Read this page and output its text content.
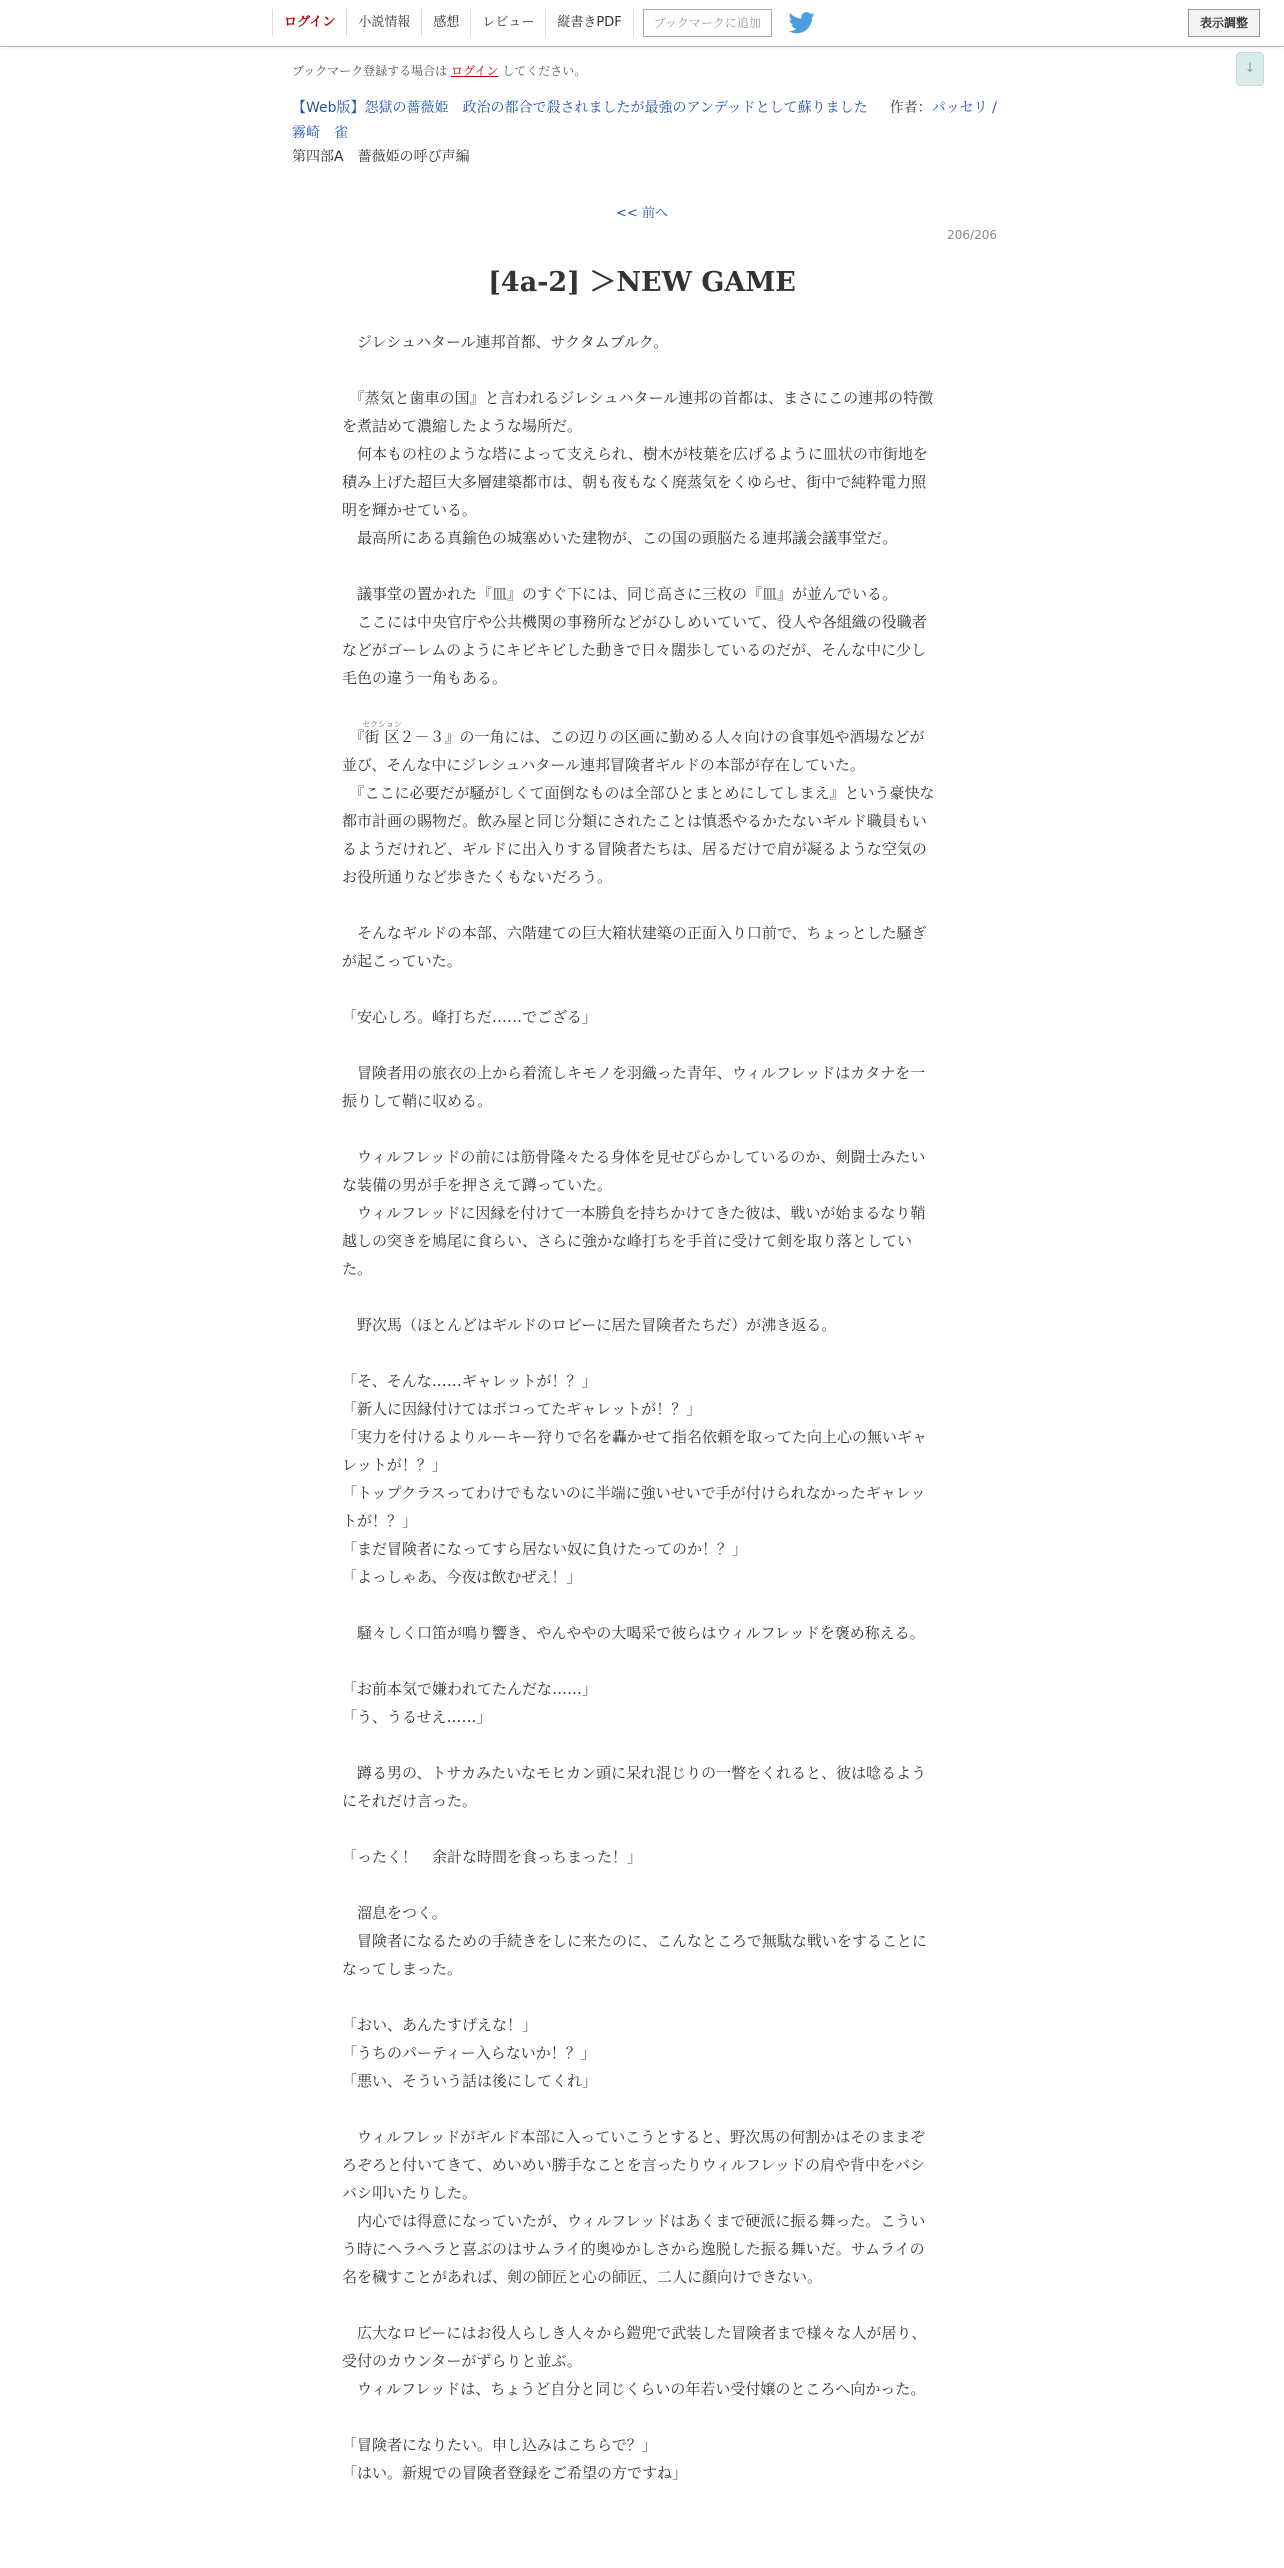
ログイン	小説情報	感想	レビュー	縦書きPDF	ブックマークに追加	表示調整
↓
ブックマーク登録する場合は ログイン してください。
【Web版】怨獄の薔薇姫　政治の都合で殺されましたが最強のアンデッドとして蘇りました 作者：パッセリ / 霧崎　雀
第四部A　薔薇姫の呼び声編
<< 前へ
206/206
[4a-2] ＞NEW GAME

　ジレシュハタール連邦首都、サクタムブルク。

　『蒸気と歯車の国』と言われるジレシュハタール連邦の首都は、まさにこの連邦の特徴を煮詰めて濃縮したような場所だ。

　何本もの柱のような塔によって支えられ、樹木が枝葉を広げるように皿状の市街地を積み上げた超巨大多層建築都市は、朝も夜もなく廃蒸気をくゆらせ、街中で純粋電力照明を輝かせている。

　最高所にある真鍮色の城塞めいた建物が、この国の頭脳たる連邦議会議事堂だ。

　議事堂の置かれた『皿』のすぐ下には、同じ高さに三枚の『皿』が並んでいる。

　ここには中央官庁や公共機関の事務所などがひしめいていて、役人や各組織の役職者などがゴーレムのようにキビキビした動きで日々闊歩しているのだが、そんな中に少し毛色の違う一角もある。

　『街区セクション２－３』の一角には、この辺りの区画に勤める人々向けの食事処や酒場などが並び、そんな中にジレシュハタール連邦冒険者ギルドの本部が存在していた。

　『ここに必要だが騒がしくて面倒なものは全部ひとまとめにしてしまえ』という豪快な都市計画の賜物だ。飲み屋と同じ分類にされたことは慎悉やるかたないギルド職員もいるようだけれど、ギルドに出入りする冒険者たちは、居るだけで肩が凝るような空気のお役所通りなど歩きたくもないだろう。

　そんなギルドの本部、六階建ての巨大箱状建築の正面入り口前で、ちょっとした騒ぎが起こっていた。

「安心しろ。峰打ちだ……でござる」

　冒険者用の旅衣の上から着流しキモノを羽織った青年、ウィルフレッドはカタナを一振りして鞘に収める。

　ウィルフレッドの前には筋骨隆々たる身体を見せびらかしているのか、剣闘士みたいな装備の男が手を押さえて蹲っていた。

　ウィルフレッドに因縁を付けて一本勝負を持ちかけてきた彼は、戦いが始まるなり鞘越しの突きを鳩尾に食らい、さらに強かな峰打ちを手首に受けて剣を取り落としていた。

　野次馬（ほとんどはギルドのロビーに居た冒険者たちだ）が沸き返る。

「そ、そんな……ギャレットが！？」

「新人に因縁付けてはボコってたギャレットが！？」

「実力を付けるよりルーキー狩りで名を轟かせて指名依頼を取ってた向上心の無いギャレットが！？」

「トップクラスってわけでもないのに半端に強いせいで手が付けられなかったギャレットが！？」

「まだ冒険者になってすら居ない奴に負けたってのか！？」

「よっしゃあ、今夜は飲むぜえ！」

　騒々しく口笛が鳴り響き、やんややの大喝采で彼らはウィルフレッドを褒め称える。

「お前本気で嫌われてたんだな……」

「う、うるせえ……」

　蹲る男の、トサカみたいなモヒカン頭に呆れ混じりの一瞥をくれると、彼は唸るようにそれだけ言った。

「ったく！　余計な時間を食っちまった！」

　溜息をつく。

　冒険者になるための手続きをしに来たのに、こんなところで無駄な戦いをすることになってしまった。

「おい、あんたすげえな！」

「うちのパーティー入らないか！？」

「悪い、そういう話は後にしてくれ」

　ウィルフレッドがギルド本部に入っていこうとすると、野次馬の何割かはそのままぞろぞろと付いてきて、めいめい勝手なことを言ったりウィルフレッドの肩や背中をバシバシ叩いたりした。

　内心では得意になっていたが、ウィルフレッドはあくまで硬派に振る舞った。こういう時にヘラヘラと喜ぶのはサムライ的奥ゆかしさから逸脱した振る舞いだ。サムライの名を穢すことがあれば、剣の師匠と心の師匠、二人に顔向けできない。

　広大なロビーにはお役人らしき人々から鎧兜で武装した冒険者まで様々な人が居り、受付のカウンターがずらりと並ぶ。

　ウィルフレッドは、ちょうど自分と同じくらいの年若い受付嬢のところへ向かった。

「冒険者になりたい。申し込みはこちらで？」

「はい。新規での冒険者登録をご希望の方ですね」
